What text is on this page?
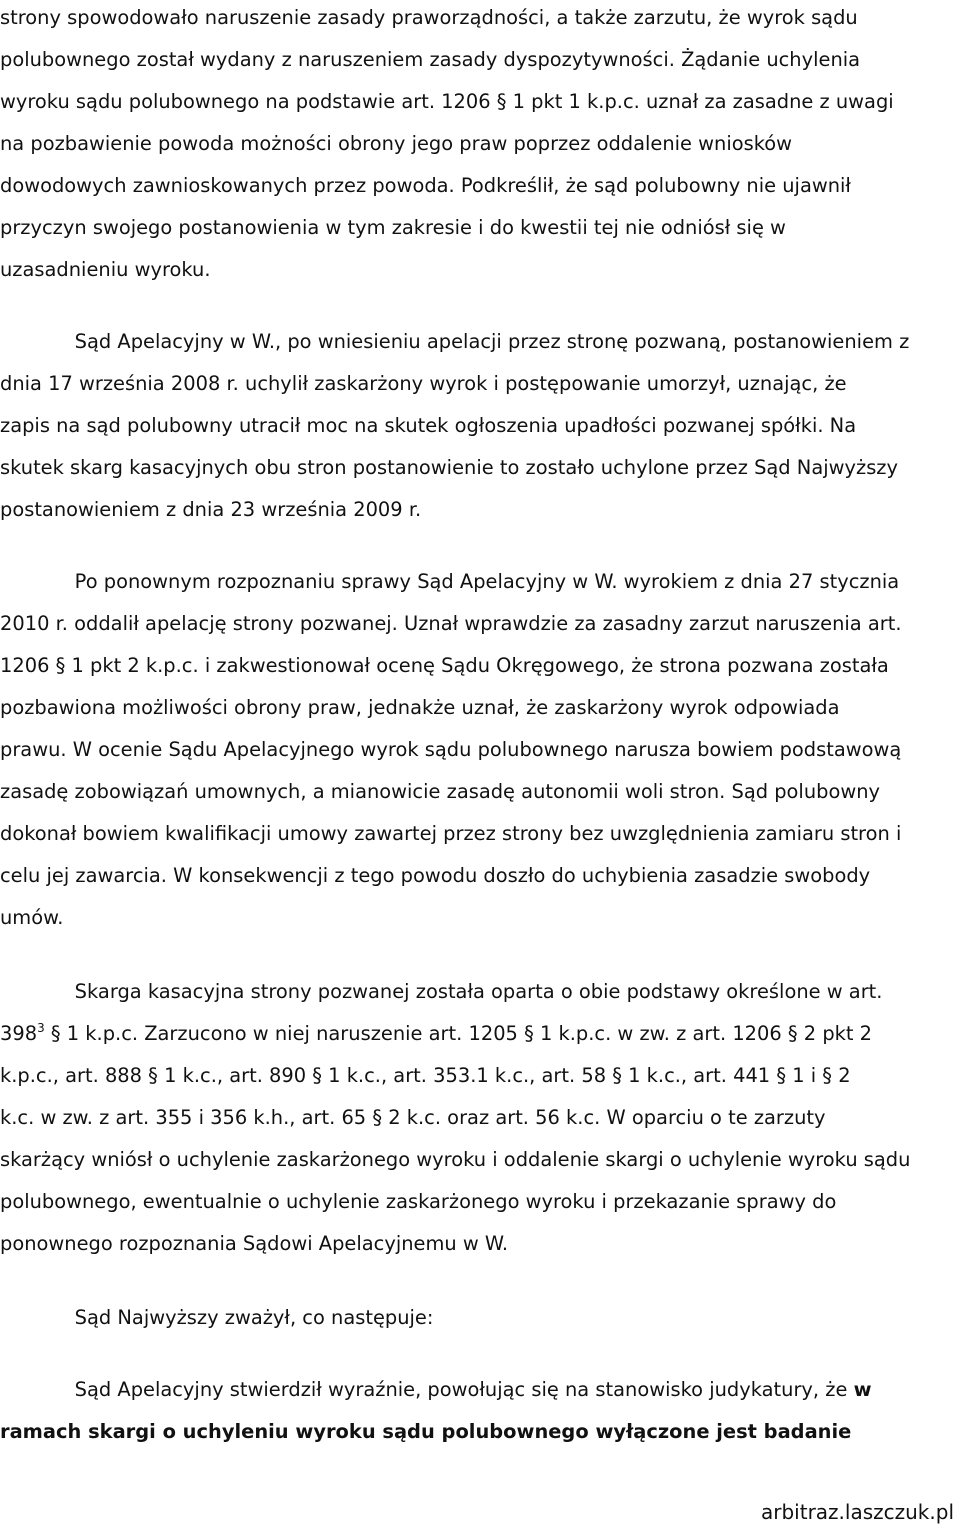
strony spowodowało naruszenie zasady praworządności, a także zarzutu, że wyrok sądu
polubownego został wydany z naruszeniem zasady dyspozytywności. Żądanie uchylenia
wyroku sądu polubownego na podstawie art. 1206 § 1 pkt 1 k.p.c. uznał za zasadne z uwagi
na pozbawienie powoda możności obrony jego praw poprzez oddalenie wniosków
dowodowych zawnioskowanych przez powoda. Podkreślił, że sąd polubowny nie ujawnił
przyczyn swojego postanowienia w tym zakresie i do kwestii tej nie odniósł się w
uzasadnieniu wyroku.
Sąd Apelacyjny w W., po wniesieniu apelacji przez stronę pozwaną, postanowieniem z
dnia 17 września 2008 r. uchylił zaskarżony wyrok i postępowanie umorzył, uznając, że
zapis na sąd polubowny utracił moc na skutek ogłoszenia upadłości pozwanej spółki. Na
skutek skarg kasacyjnych obu stron postanowienie to zostało uchylone przez Sąd Najwyższy
postanowieniem z dnia 23 września 2009 r.
Po ponownym rozpoznaniu sprawy Sąd Apelacyjny w W. wyrokiem z dnia 27 stycznia
2010 r. oddalił apelację strony pozwanej. Uznał wprawdzie za zasadny zarzut naruszenia art.
1206 § 1 pkt 2 k.p.c. i zakwestionował ocenę Sądu Okręgowego, że strona pozwana została
pozbawiona możliwości obrony praw, jednakże uznał, że zaskarżony wyrok odpowiada
prawu. W ocenie Sądu Apelacyjnego wyrok sądu polubownego narusza bowiem podstawową
zasadę zobowiązań umownych, a mianowicie zasadę autonomii woli stron. Sąd polubowny
dokonał bowiem kwalifikacji umowy zawartej przez strony bez uwzględnienia zamiaru stron i
celu jej zawarcia. W konsekwencji z tego powodu doszło do uchybienia zasadzie swobody
umów.
Skarga kasacyjna strony pozwanej została oparta o obie podstawy określone w art.
$398^3$ § 1 k.p.c. Zarzucono w niej naruszenie art. 1205 § 1 k.p.c. w zw. z art. 1206 § 2 pkt 2
k.p.c., art. 888 § 1 k.c., art. 890 § 1 k.c., art. 353.1 k.c., art. 58 § 1 k.c., art. 441 § 1 i § 2
k.c. w zw. z art. 355 i 356 k.h., art. 65 § 2 k.c. oraz art. 56 k.c. W oparciu o te zarzuty
skarżący wniósł o uchylenie zaskarżonego wyroku i oddalenie skargi o uchylenie wyroku sądu
polubownego, ewentualnie o uchylenie zaskarżonego wyroku i przekazanie sprawy do
ponownego rozpoznania Sądowi Apelacyjnemu w W.
Sąd Najwyższy zważył, co następuje:
Sąd Apelacyjny stwierdził wyraźnie, powołując się na stanowisko judykatury, że w
ramach skargi o uchyleniu wyroku sądu polubownego wyłączone jest badanie
arbitraz.laszczuk.pl
